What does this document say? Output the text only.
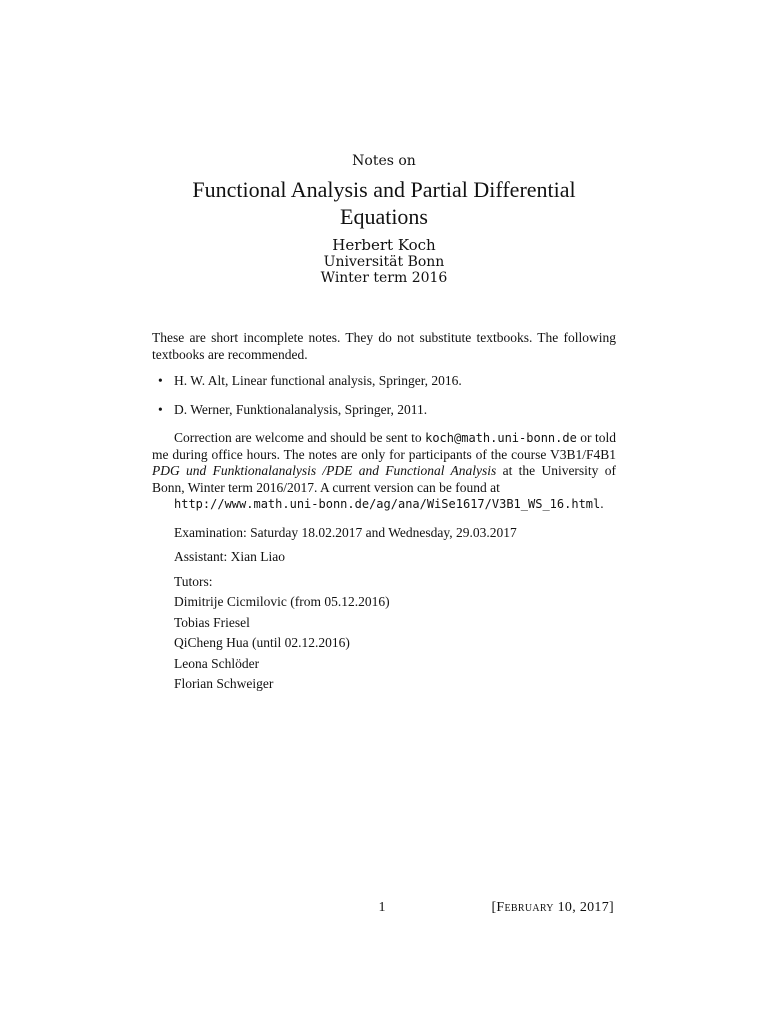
Notes on

Functional Analysis and Partial Differential Equations

Herbert Koch

Universität Bonn

Winter term 2016

These are short incomplete notes. They do not substitute textbooks. The following textbooks are recommended.

• H. W. Alt, Linear functional analysis, Springer, 2016.
• D. Werner, Funktionalanalysis, Springer, 2011.

Correction are welcome and should be sent to koch@math.uni-bonn.de or told me during office hours. The notes are only for participants of the course V3B1/F4B1 PDG und Funktionalanalysis /PDE and Functional Analysis at the University of Bonn, Winter term 2016/2017. A current version can be found at

http://www.math.uni-bonn.de/ag/ana/WiSe1617/V3B1_WS_16.html.

Examination: Saturday 18.02.2017 and Wednesday, 29.03.2017

Assistant: Xian Liao

Tutors:

Dimitrije Cicmilovic (from 05.12.2016)

Tobias Friesel

QiCheng Hua (until 02.12.2016)

Leona Schlöder

Florian Schweiger

1	[February 10, 2017]
